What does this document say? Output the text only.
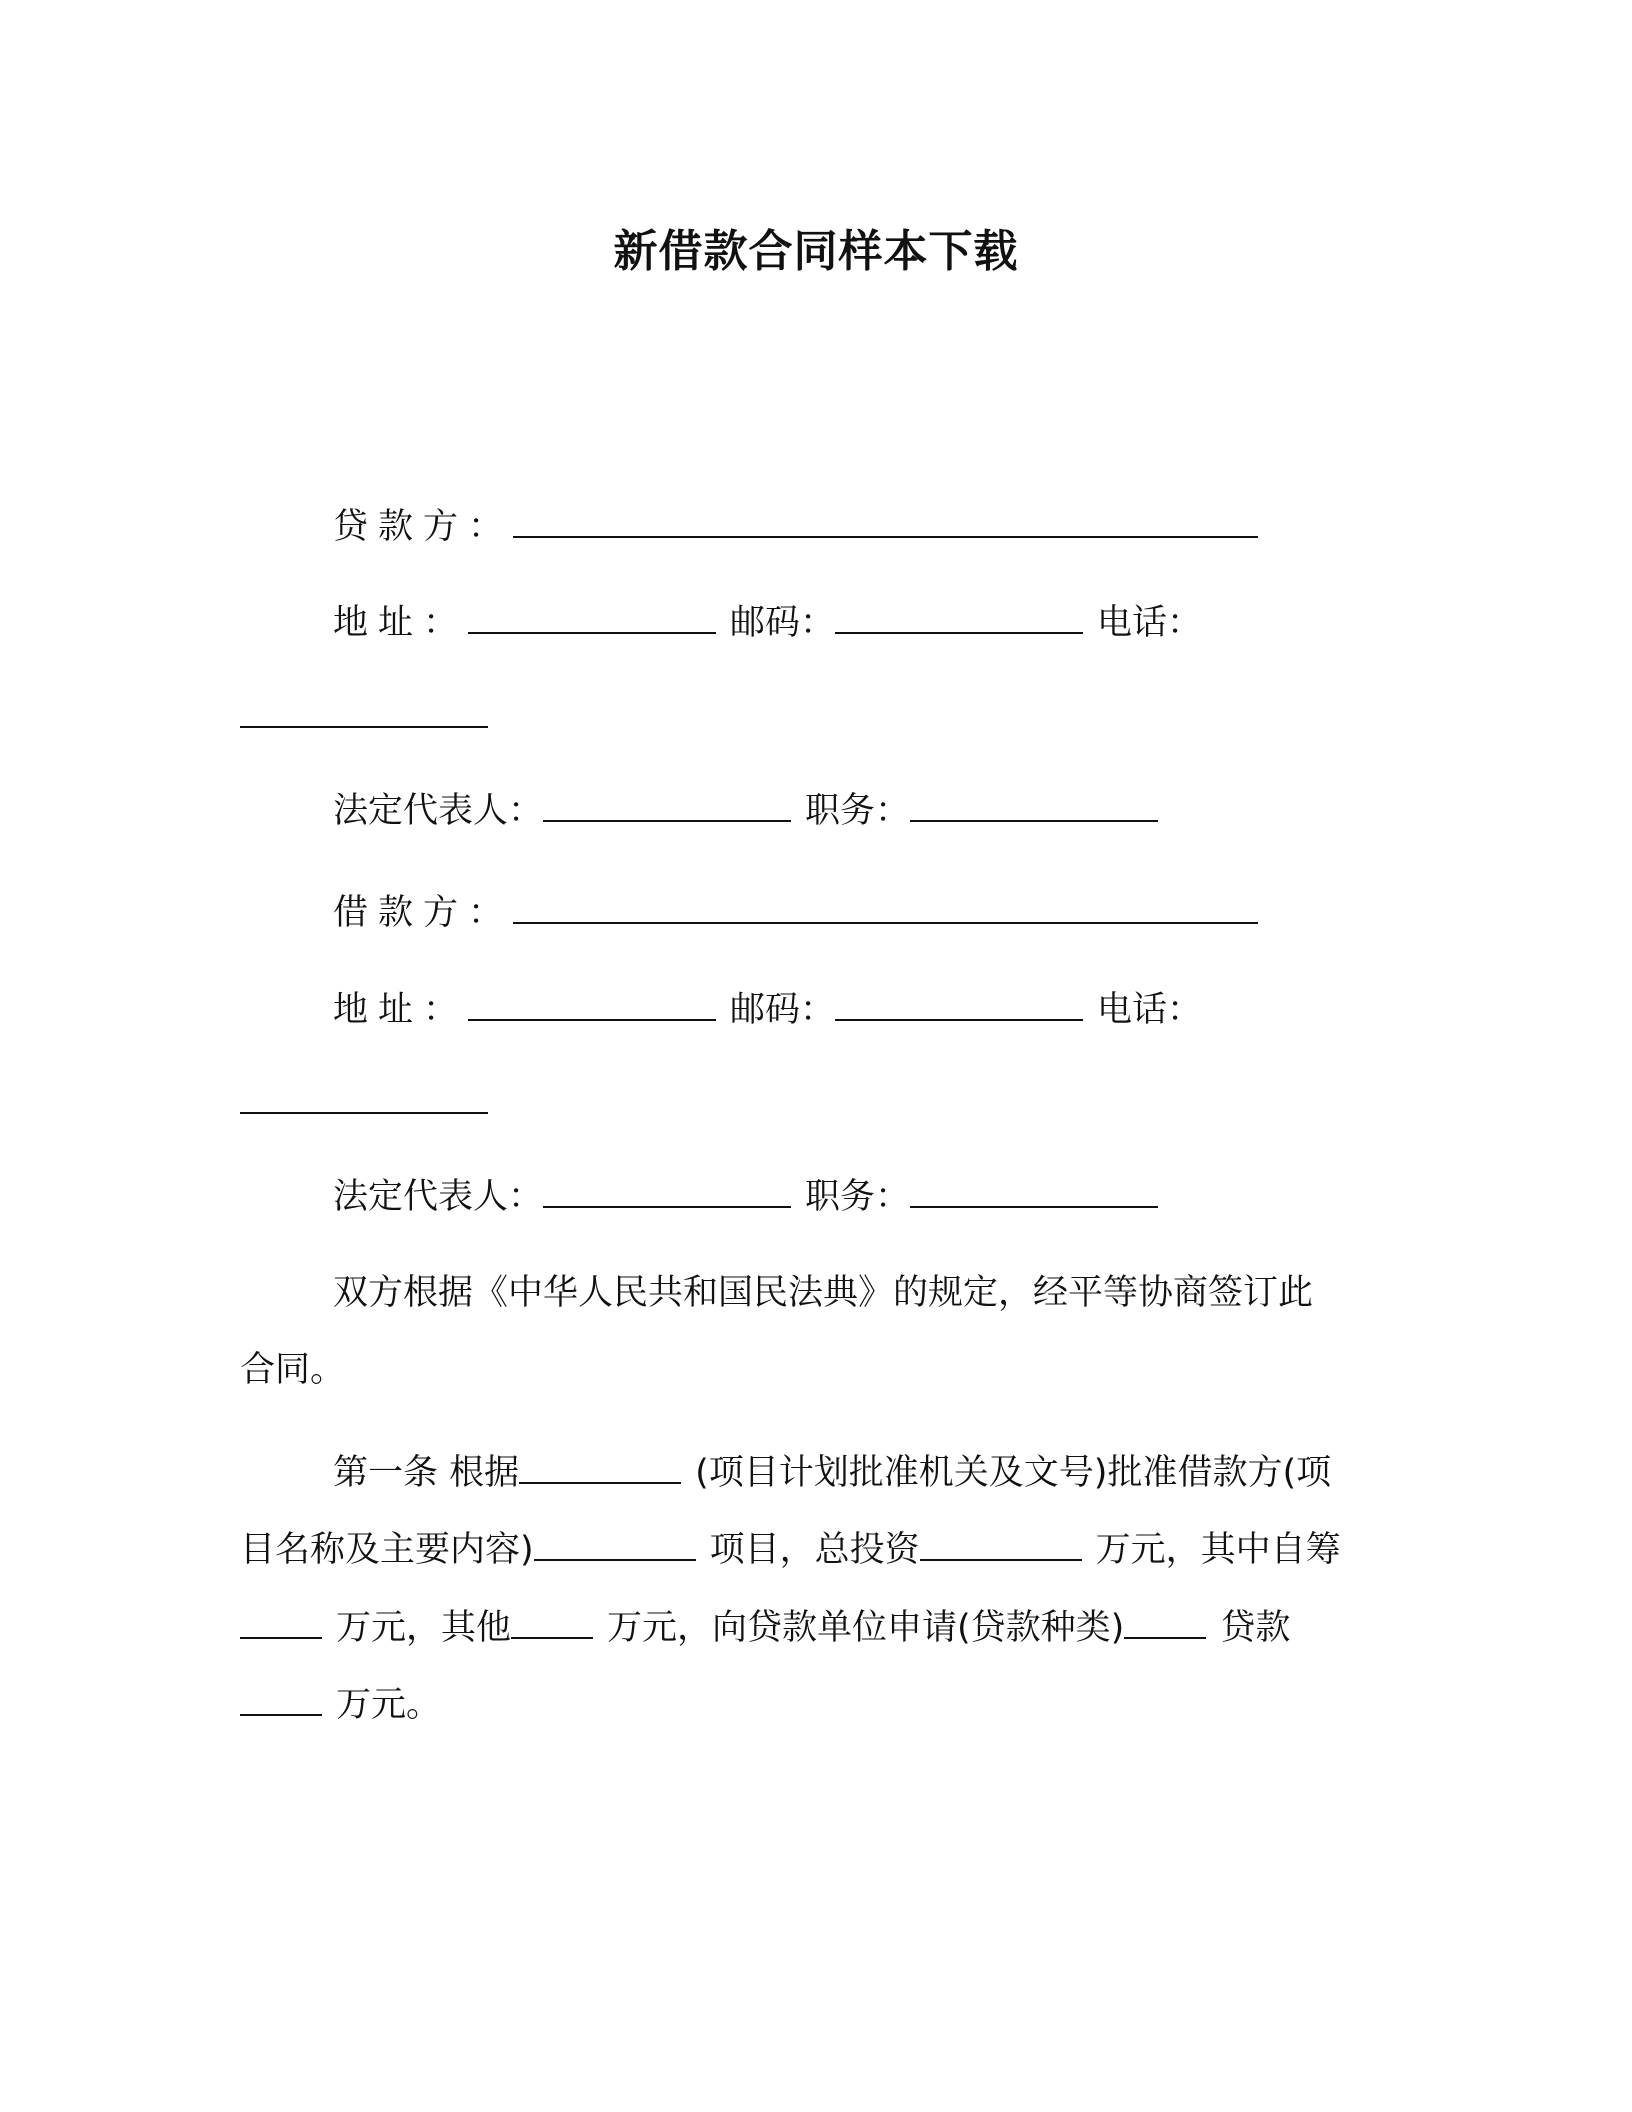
新借款合同样本下载
贷款方：
地址：	邮码：	电话：
法定代表人：	职务：
借款方：
地址：	邮码：	电话：
法定代表人：	职务：
双方根据《中华人民共和国民法典》的规定，经平等协商签订此
合同。
第一条 根据	(项目计划批准机关及文号)批准借款方(项
目名称及主要内容)	项目，总投资	万元，其中自筹
万元，其他	万元，向贷款单位申请(贷款种类)	贷款
万元。
